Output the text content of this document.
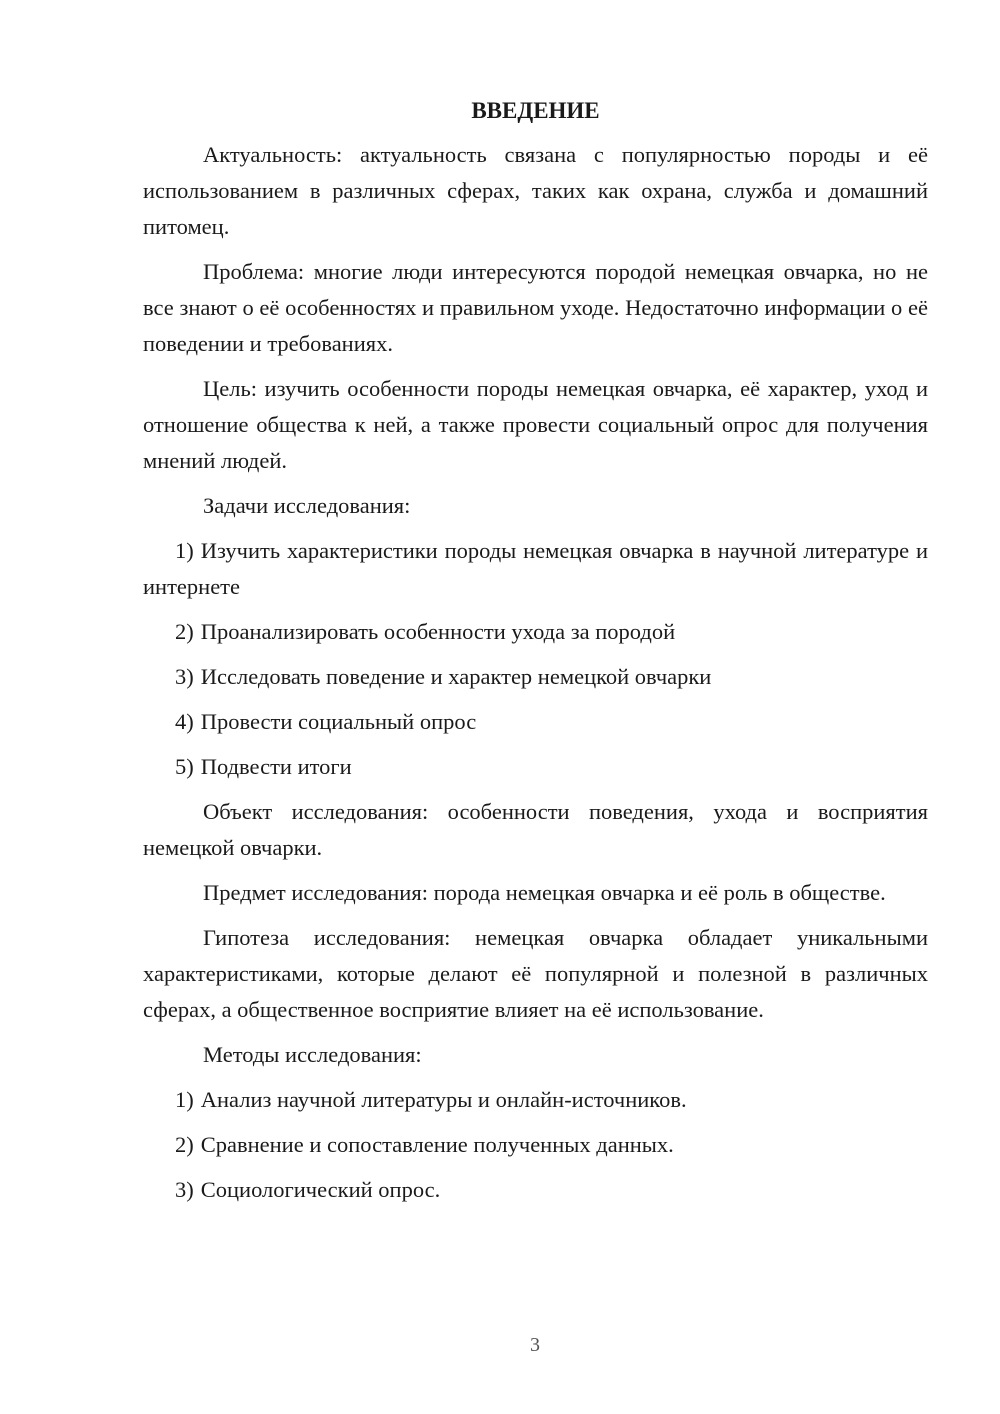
ВВЕДЕНИЕ

Актуальность: актуальность связана с популярностью породы и её использованием в различных сферах, таких как охрана, служба и домашний питомец.

Проблема: многие люди интересуются породой немецкая овчарка, но не все знают о её особенностях и правильном уходе. Недостаточно информации о её поведении и требованиях.

Цель: изучить особенности породы немецкая овчарка, её характер, уход и отношение общества к ней, а также провести социальный опрос для получения мнений людей.

Задачи исследования:

1) Изучить характеристики породы немецкая овчарка в научной литературе и интернете

2) Проанализировать особенности ухода за породой

3) Исследовать поведение и характер немецкой овчарки

4) Провести социальный опрос

5) Подвести итоги

Объект исследования: особенности поведения, ухода и восприятия немецкой овчарки.

Предмет исследования: порода немецкая овчарка и её роль в обществе.

Гипотеза исследования: немецкая овчарка обладает уникальными характеристиками, которые делают её популярной и полезной в различных сферах, а общественное восприятие влияет на её использование.

Методы исследования:

1) Анализ научной литературы и онлайн-источников.

2) Сравнение и сопоставление полученных данных.

3) Социологический опрос.

3
